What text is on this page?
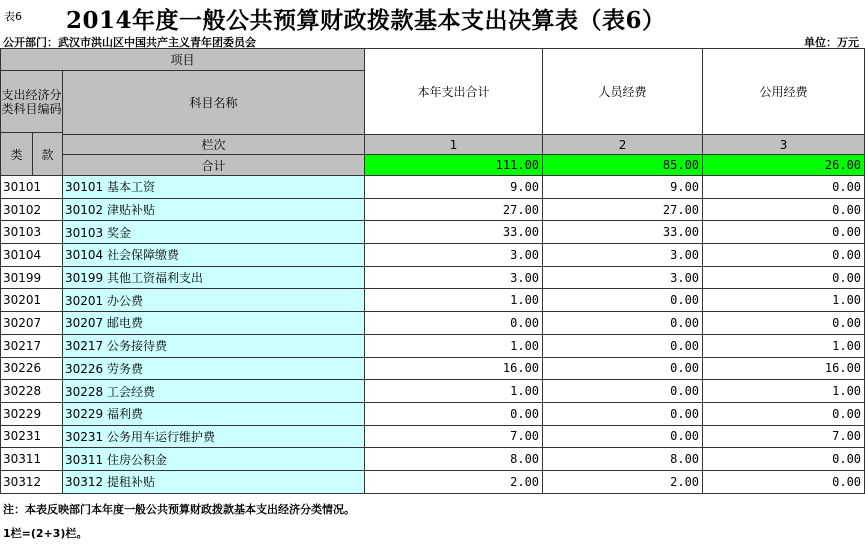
表6 2014年度一般公共预算财政拨款基本支出决算表（表6）
公开部门：武汉市洪山区中国共产主义青年团委员会	单位：万元
项目			本年支出合计	人员经费	公用经费
支出经济分类科目编码		科目名称			
类	款				
		栏次	1	2	3
		合计	111.00	85.00	26.00
30101		30101 基本工资	9.00	9.00	0.00
30102		30102 津贴补贴	27.00	27.00	0.00
30103		30103 奖金	33.00	33.00	0.00
30104		30104 社会保障缴费	3.00	3.00	0.00
30199		30199 其他工资福利支出	3.00	3.00	0.00
30201		30201 办公费	1.00	0.00	1.00
30207		30207 邮电费	0.00	0.00	0.00
30217		30217 公务接待费	1.00	0.00	1.00
30226		30226 劳务费	16.00	0.00	16.00
30228		30228 工会经费	1.00	0.00	1.00
30229		30229 福利费	0.00	0.00	0.00
30231		30231 公务用车运行维护费	7.00	0.00	7.00
30311		30311 住房公积金	8.00	8.00	0.00
30312		30312 提租补贴	2.00	2.00	0.00
注：本表反映部门本年度一般公共预算财政拨款基本支出经济分类情况。
1栏=(2+3)栏。
